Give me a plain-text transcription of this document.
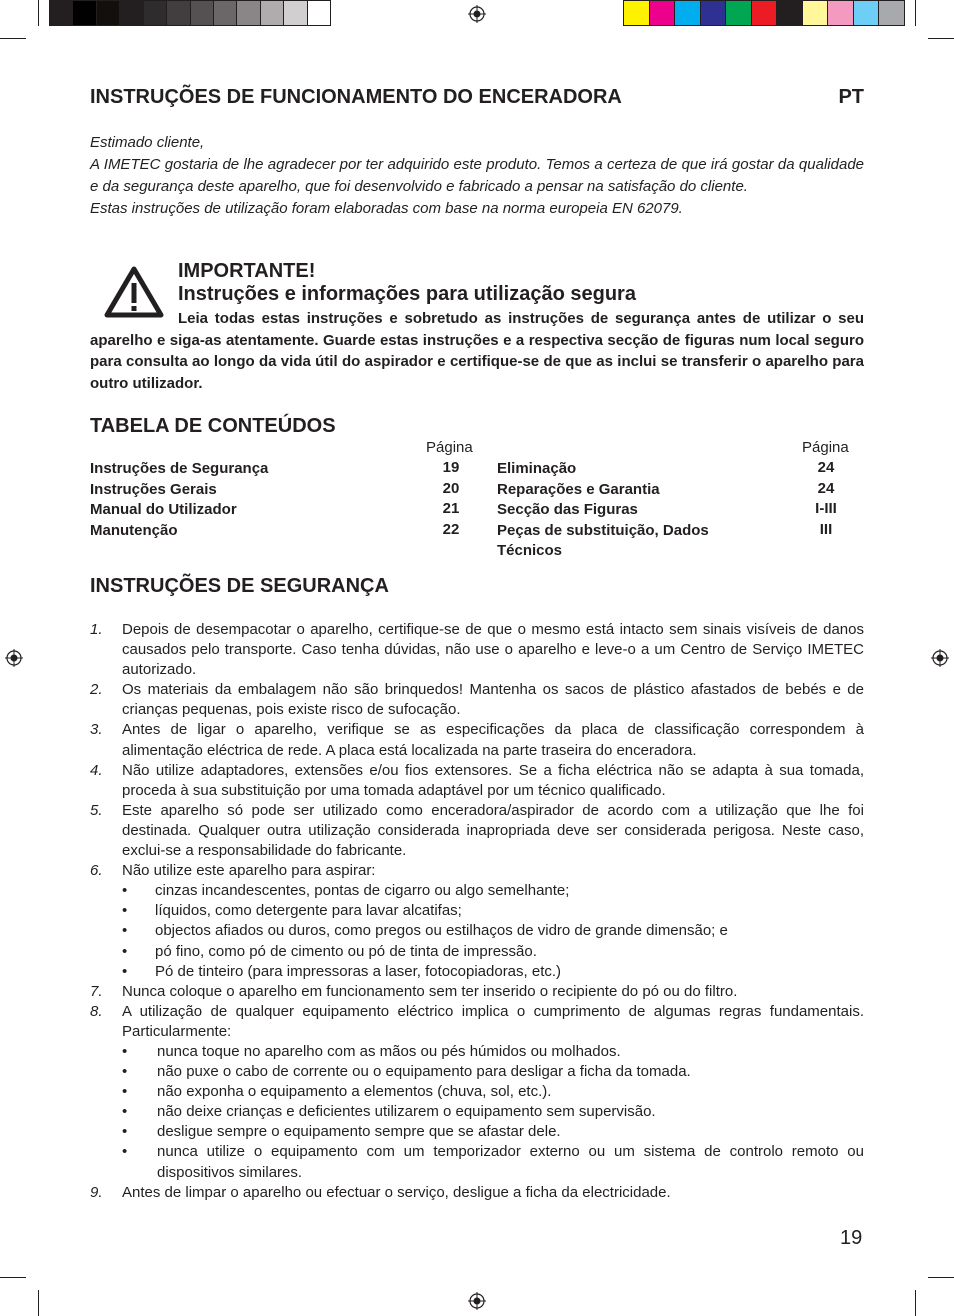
INSTRUÇÕES DE FUNCIONAMENTO DO ENCERADORA	PT

Estimado cliente,

A IMETEC gostaria de lhe agradecer por ter adquirido este produto. Temos a certeza de que irá gostar da qualidade e da segurança deste aparelho, que foi desenvolvido e fabricado a pensar na satisfação do cliente.

Estas instruções de utilização foram elaboradas com base na norma europeia EN 62079.

IMPORTANTE!
Instruções e informações para utilização segura
Leia todas estas instruções e sobretudo as instruções de segurança antes de utilizar o seu aparelho e siga-as atentamente. Guarde estas instruções e a respectiva secção de figuras num local seguro para consulta ao longo da vida útil do aspirador e certifique-se de que as inclui se transferir o aparelho para outro utilizador.
TABELA DE CONTEÚDOS
Página	Página
Instruções de Segurança
Instruções Gerais
Manual do Utilizador
Manutenção
19
20
21
22
Eliminação
Reparações e Garantia
Secção das Figuras
Peças de substituição, Dados
Técnicos
24
24
I-III
III
INSTRUÇÕES DE SEGURANÇA
1. Depois de desempacotar o aparelho, certifique-se de que o mesmo está intacto sem sinais visíveis de danos causados pelo transporte. Caso tenha dúvidas, não use o aparelho e leve-o a um Centro de Serviço IMETEC autorizado.
2. Os materiais da embalagem não são brinquedos! Mantenha os sacos de plástico afastados de bebés e de crianças pequenas, pois existe risco de sufocação.
3. Antes de ligar o aparelho, verifique se as especificações da placa de classificação correspondem à alimentação eléctrica de rede. A placa está localizada na parte traseira do enceradora.
4. Não utilize adaptadores, extensões e/ou fios extensores. Se a ficha eléctrica não se adapta à sua tomada, proceda à sua substituição por uma tomada adaptável por um técnico qualificado.
5. Este aparelho só pode ser utilizado como enceradora/aspirador de acordo com a utilização que lhe foi destinada. Qualquer outra utilização considerada inapropriada deve ser considerada perigosa. Neste caso, exclui-se a responsabilidade do fabricante.
6. Não utilize este aparelho para aspirar:
• cinzas incandescentes, pontas de cigarro ou algo semelhante;
• líquidos, como detergente para lavar alcatifas;
• objectos afiados ou duros, como pregos ou estilhaços de vidro de grande dimensão; e
• pó fino, como pó de cimento ou pó de tinta de impressão.
• Pó de tinteiro (para impressoras a laser, fotocopiadoras, etc.)
7. Nunca coloque o aparelho em funcionamento sem ter inserido o recipiente do pó ou do filtro.
8. A utilização de qualquer equipamento eléctrico implica o cumprimento de algumas regras fundamentais. Particularmente:
• nunca toque no aparelho com as mãos ou pés húmidos ou molhados.
• não puxe o cabo de corrente ou o equipamento para desligar a ficha da tomada.
• não exponha o equipamento a elementos (chuva, sol, etc.).
• não deixe crianças e deficientes utilizarem o equipamento sem supervisão.
• desligue sempre o equipamento sempre que se afastar dele.
• nunca utilize o equipamento com um temporizador externo ou um sistema de controlo remoto ou dispositivos similares.
9. Antes de limpar o aparelho ou efectuar o serviço, desligue a ficha da electricidade.
19
